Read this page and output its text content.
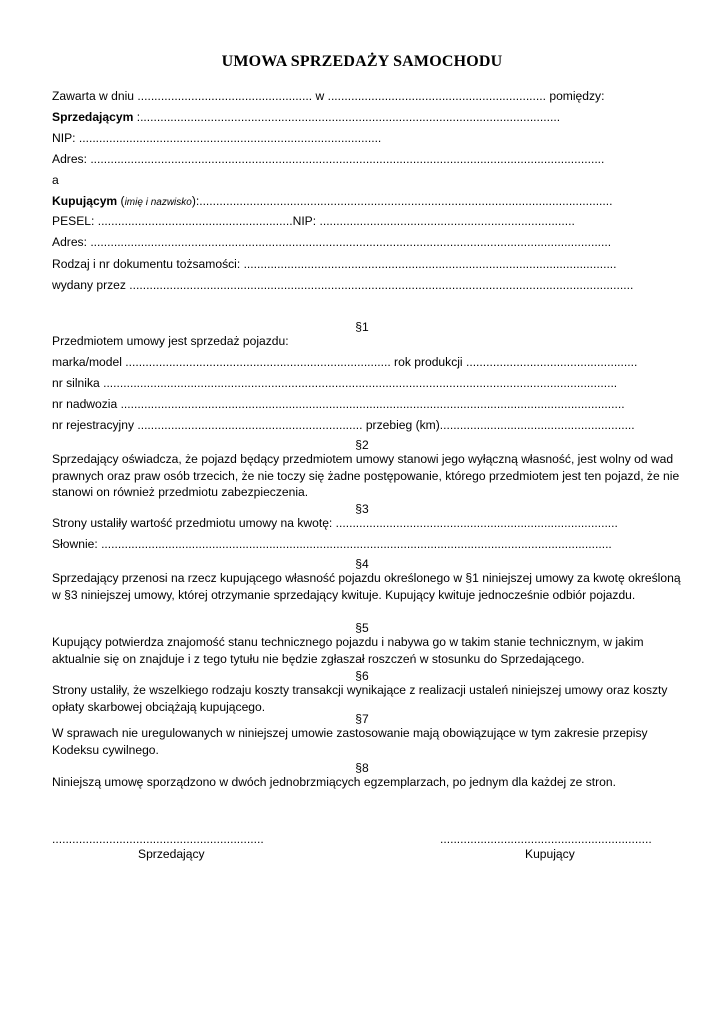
UMOWA SPRZEDAŻY SAMOCHODU
Zawarta w dniu .................................................... w ................................................................. pomiędzy:
Sprzedającym :.............................................................................................................................
NIP: ..........................................................................................
Adres: .........................................................................................................................................................
a
Kupującym (imię i nazwisko):...........................................................................................................................
PESEL: ..........................................................NIP: ............................................................................
Adres: ...........................................................................................................................................................
Rodzaj i nr dokumentu tożsamości: ...............................................................................................................
wydany przez ......................................................................................................................................................
§1
Przedmiotem umowy jest sprzedaż pojazdu:
marka/model ............................................................................... rok produkcji ...................................................
nr silnika .........................................................................................................................................................
nr nadwozia ......................................................................................................................................................
nr rejestracyjny ................................................................... przebieg (km)..........................................................
§2
Sprzedający oświadcza, że pojazd będący przedmiotem umowy stanowi jego wyłączną własność, jest wolny od wad prawnych oraz praw osób trzecich, że nie toczy się żadne postępowanie, którego przedmiotem jest ten pojazd, że nie stanowi on również przedmiotu zabezpieczenia.
§3
Strony ustaliły wartość przedmiotu umowy na kwotę: ....................................................................................
Słownie: ........................................................................................................................................................
§4
Sprzedający przenosi na rzecz kupującego własność pojazdu określonego w §1 niniejszej umowy za kwotę określoną w §3 niniejszej umowy, której otrzymanie sprzedający kwituje. Kupujący kwituje jednocześnie odbiór pojazdu.
§5
Kupujący potwierdza znajomość stanu technicznego pojazdu i nabywa go w takim stanie technicznym, w jakim aktualnie się on znajduje i z tego tytułu nie będzie zgłaszał roszczeń w stosunku do Sprzedającego.
§6
Strony ustaliły, że wszelkiego rodzaju koszty transakcji wynikające z realizacji ustaleń niniejszej umowy oraz koszty opłaty skarbowej obciążają kupującego.
§7
W sprawach nie uregulowanych w niniejszej umowie zastosowanie mają obowiązujące w tym zakresie przepisy Kodeksu cywilnego.
§8
Niniejszą umowę sporządzono w dwóch jednobrzmiących egzemplarzach, po jednym dla każdej ze stron.
...............................................................
Sprzedający
...............................................................
Kupujący
